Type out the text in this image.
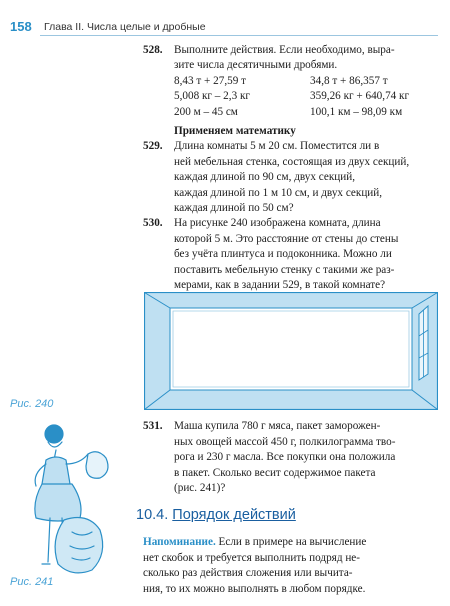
158 Глава II. Числа целые и дробные
528. Выполните действия. Если необходимо, выра-
зите числа десятичными дробями.
8,43 т + 27,59 т	34,8 т + 86,357 т
5,008 кг – 2,3 кг	359,26 кг + 640,74 кг
200 м – 45 см	100,1 км – 98,09 км
Применяем математику
529. Длина комнаты 5 м 20 см. Поместится ли в
ней мебельная стенка, состоящая из двух секций,
каждая длиной по 90 см, двух секций,
каждая длиной по 1 м 10 см, и двух секций,
каждая длиной по 50 см?
530. На рисунке 240 изображена комната, длина
которой 5 м. Это расстояние от стены до стены
без учёта плинтуса и подоконника. Можно ли
поставить мебельную стенку с такими же раз-
мерами, как в задании 529, в такой комнате?
Рис. 240
531. Маша купила 780 г мяса, пакет заморожен-
ных овощей массой 450 г, полкилограмма тво-
рога и 230 г масла. Все покупки она положила
в пакет. Сколько весит содержимое пакета
(рис. 241)?
Рис. 241
10.4. Порядок действий
Напоминание. Если в примере на вычисление
нет скобок и требуется выполнить подряд не-
сколько раз действия сложения или вычита-
ния, то их можно выполнять в любом порядке.
